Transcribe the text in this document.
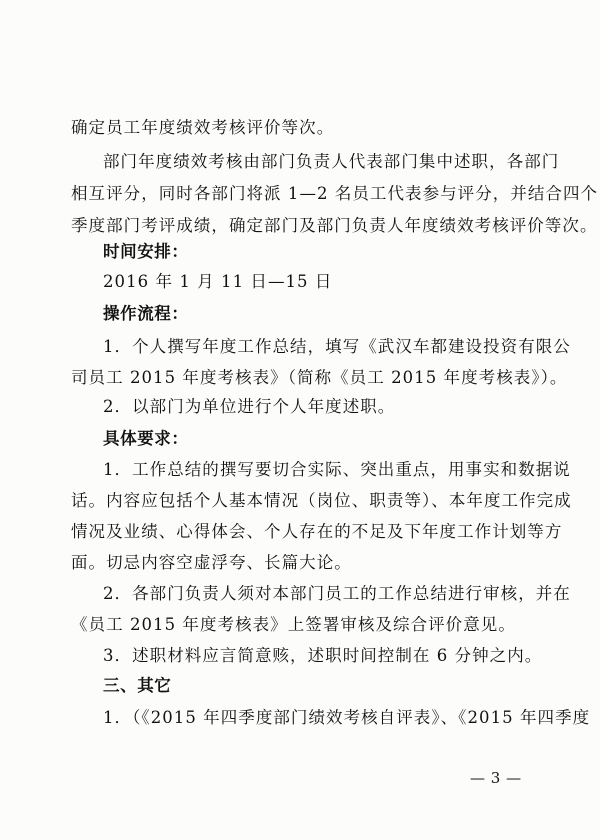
确定员工年度绩效考核评价等次。
部门年度绩效考核由部门负责人代表部门集中述职，各部门
相互评分，同时各部门将派 1—2 名员工代表参与评分，并结合四个
季度部门考评成绩，确定部门及部门负责人年度绩效考核评价等次。
时间安排：
2016 年 1 月 11 日—15 日
操作流程：
1．个人撰写年度工作总结，填写《武汉车都建设投资有限公
司员工 2015 年度考核表》（简称《员工 2015 年度考核表》）。
2．以部门为单位进行个人年度述职。
具体要求：
1．工作总结的撰写要切合实际、突出重点，用事实和数据说
话。内容应包括个人基本情况（岗位、职责等）、本年度工作完成
情况及业绩、心得体会、个人存在的不足及下年度工作计划等方
面。切忌内容空虚浮夸、长篇大论。
2．各部门负责人须对本部门员工的工作总结进行审核，并在
《员工 2015 年度考核表》上签署审核及综合评价意见。
3．述职材料应言简意赅，述职时间控制在 6 分钟之内。
三、其它
1．（《2015 年四季度部门绩效考核自评表》、《2015 年四季度
— 3 —
